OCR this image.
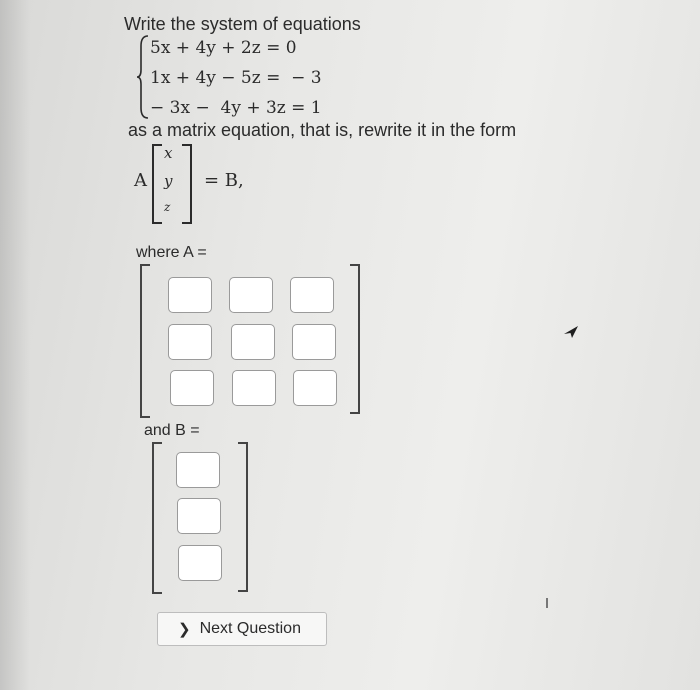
Write the system of equations
5x + 4y + 2z = 0
1x + 4y − 5z =  − 3
− 3x −  4y + 3z = 1
as a matrix equation, that is, rewrite it in the form
A
x
y
z
= B,
where A =
and B =
❯ Next Question
